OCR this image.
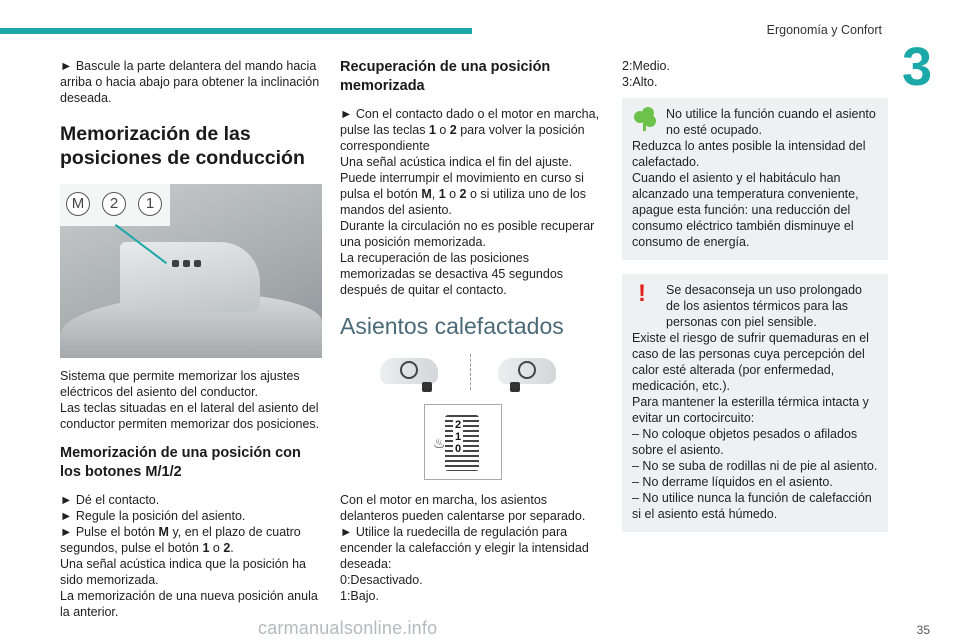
Ergonomía y Confort
3
► Bascule la parte delantera del mando hacia arriba o hacia abajo para obtener la inclinación deseada.
Memorización de las posiciones de conducción
M	2	1
Sistema que permite memorizar los ajustes eléctricos del asiento del conductor.
Las teclas situadas en el lateral del asiento del conductor permiten memorizar dos posiciones.
Memorización de una posición con los botones M/1/2
► Dé el contacto.
► Regule la posición del asiento.
► Pulse el botón M y, en el plazo de cuatro segundos, pulse el botón 1 o 2.
Una señal acústica indica que la posición ha sido memorizada.
La memorización de una nueva posición anula la anterior.
Recuperación de una posición memorizada
► Con el contacto dado o el motor en marcha, pulse las teclas 1 o 2 para volver la posición correspondiente
Una señal acústica indica el fin del ajuste.
Puede interrumpir el movimiento en curso si pulsa el botón M, 1 o 2 o si utiliza uno de los mandos del asiento.
Durante la circulación no es posible recuperar una posición memorizada.
La recuperación de las posiciones memorizadas se desactiva 45 segundos después de quitar el contacto.
Asientos calefactados
2
1
0
♨
Con el motor en marcha, los asientos delanteros pueden calentarse por separado.
► Utilice la ruedecilla de regulación para encender la calefacción y elegir la intensidad deseada:
0:Desactivado.
1:Bajo.
2:Medio.
3:Alto.
No utilice la función cuando el asiento no esté ocupado.
Reduzca lo antes posible la intensidad del calefactado.
Cuando el asiento y el habitáculo han alcanzado una temperatura conveniente, apague esta función: una reducción del consumo eléctrico también disminuye el consumo de energía.
! Se desaconseja un uso prolongado de los asientos térmicos para las personas con piel sensible.
Existe el riesgo de sufrir quemaduras en el caso de las personas cuya percepción del calor esté alterada (por enfermedad, medicación, etc.).
Para mantener la esterilla térmica intacta y evitar un cortocircuito:
– No coloque objetos pesados o afilados sobre el asiento.
– No se suba de rodillas ni de pie al asiento.
– No derrame líquidos en el asiento.
– No utilice nunca la función de calefacción si el asiento está húmedo.
carmanualsonline.info	35
